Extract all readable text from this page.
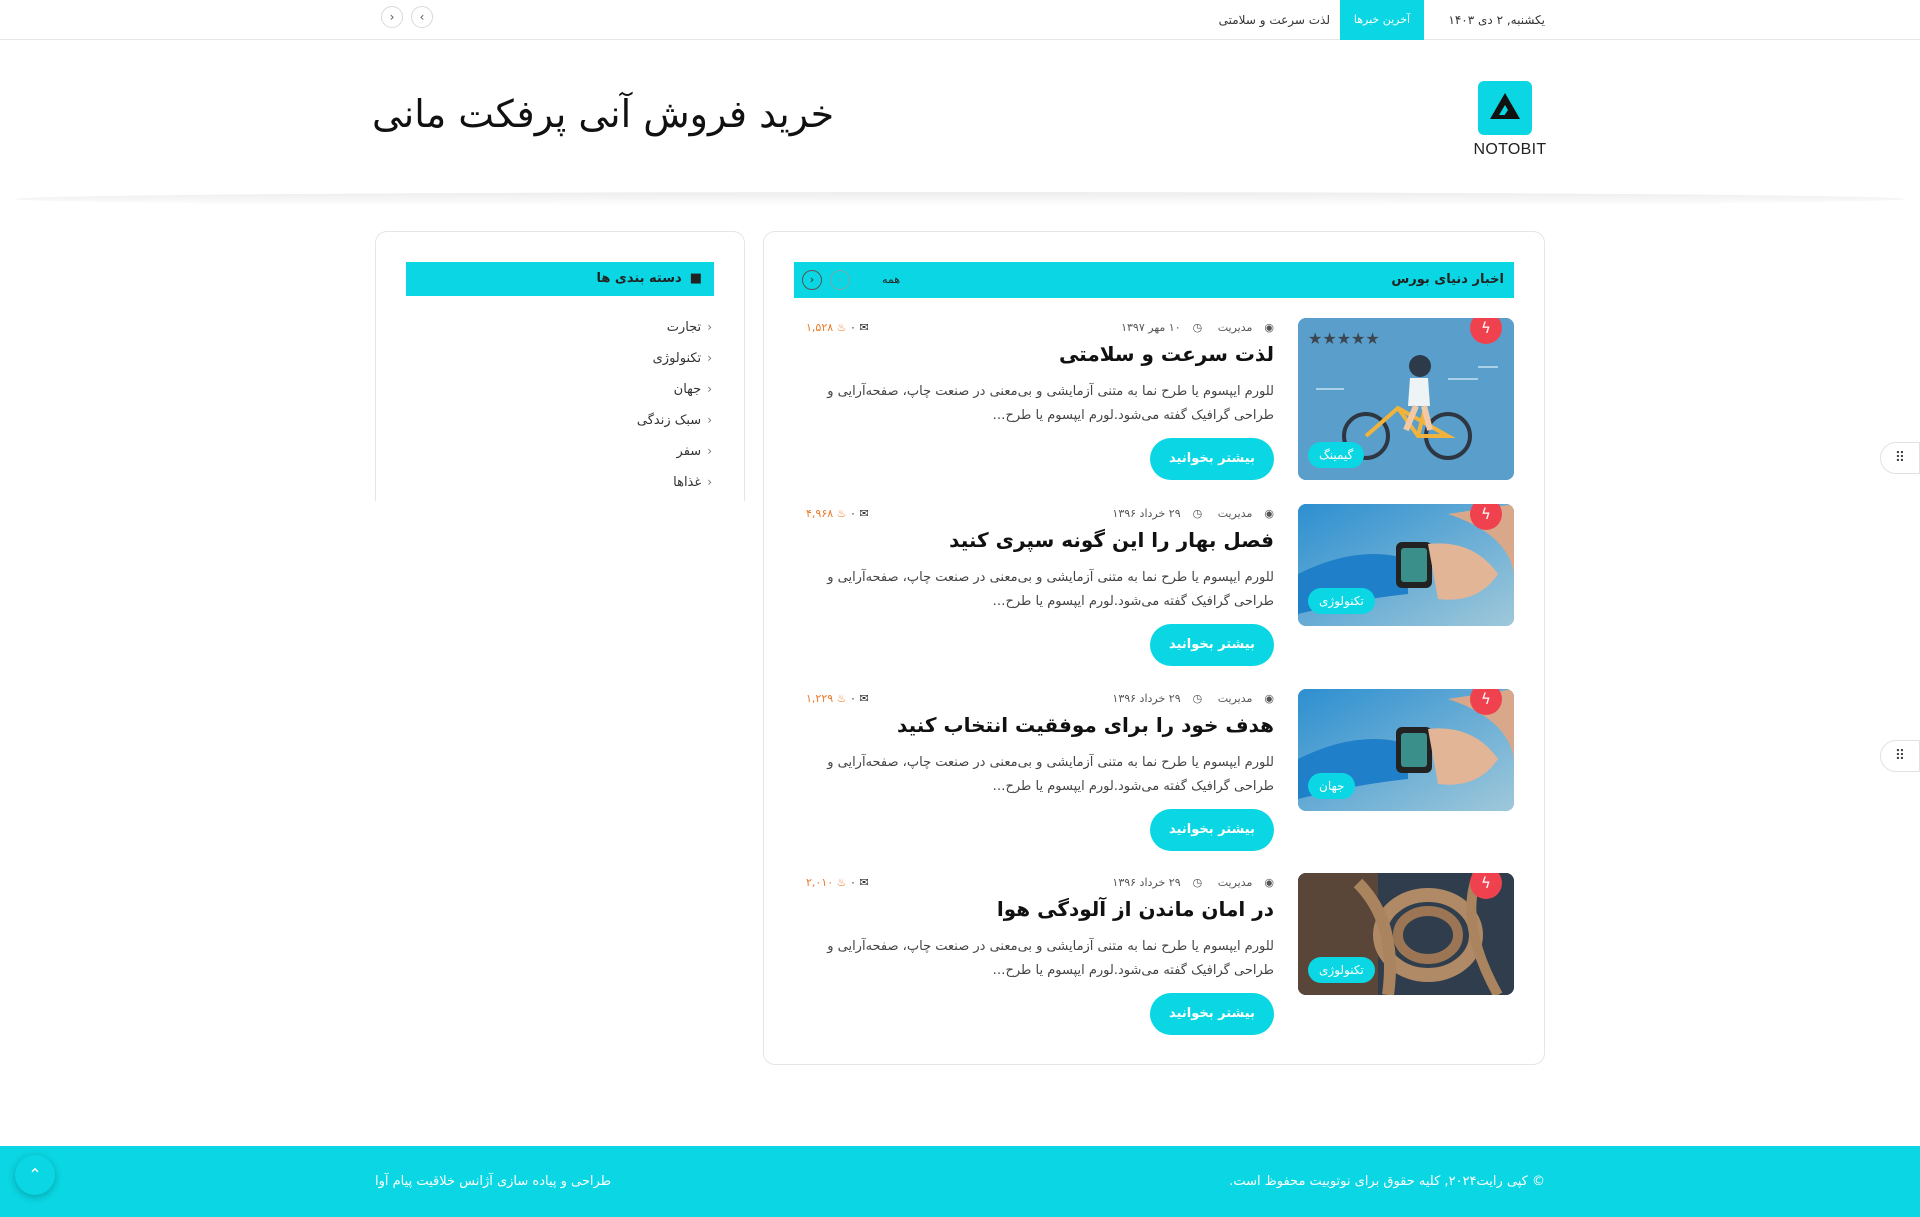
یکشنبه, ۲ دی ۱۴۰۳
آخرین خبرها
لذت سرعت و سلامتی
›	‹
NOTOBIT
خرید فروش آنی پرفکت مانی
اخبار دنیای بورس
همه
›	‹
★★★★★
ϟ
گیمینگ
◉مدیریت ◷۱۰ مهر ۱۳۹۷
✉ ۰ ♨ ۱,۵۲۸
لذت سرعت و سلامتی
للورم ایپسوم یا طرح نما به متنی آزمایشی و بی‌معنی در صنعت چاپ، صفحه‌آرایی و طراحی گرافیک گفته می‌شود.لورم ایپسوم یا طرح…
بیشتر بخوانید
ϟ
تکنولوژی
◉مدیریت ◷۲۹ خرداد ۱۳۹۶
✉ ۰ ♨ ۴,۹۶۸
فصل بهار را این گونه سپری کنید
للورم ایپسوم یا طرح نما به متنی آزمایشی و بی‌معنی در صنعت چاپ، صفحه‌آرایی و طراحی گرافیک گفته می‌شود.لورم ایپسوم یا طرح…
بیشتر بخوانید
ϟ
جهان
◉مدیریت ◷۲۹ خرداد ۱۳۹۶
✉ ۰ ♨ ۱,۲۲۹
هدف خود را برای موفقیت انتخاب کنید
للورم ایپسوم یا طرح نما به متنی آزمایشی و بی‌معنی در صنعت چاپ، صفحه‌آرایی و طراحی گرافیک گفته می‌شود.لورم ایپسوم یا طرح…
بیشتر بخوانید
ϟ
تکنولوژی
◉مدیریت ◷۲۹ خرداد ۱۳۹۶
✉ ۰ ♨ ۲,۰۱۰
در امان ماندن از آلودگی هوا
للورم ایپسوم یا طرح نما به متنی آزمایشی و بی‌معنی در صنعت چاپ، صفحه‌آرایی و طراحی گرافیک گفته می‌شود.لورم ایپسوم یا طرح…
بیشتر بخوانید
■دسته بندی ها
‹تجارت
‹تکنولوژی
‹جهان
‹سبک زندگی
‹سفر
‹غذاها
⠿
⠿
© کپی رایت۲۰۲۴, کلیه حقوق برای نوتوبیت محفوظ است.
طراحی و پیاده سازی آژانس خلاقیت پیام آوا
⌃
